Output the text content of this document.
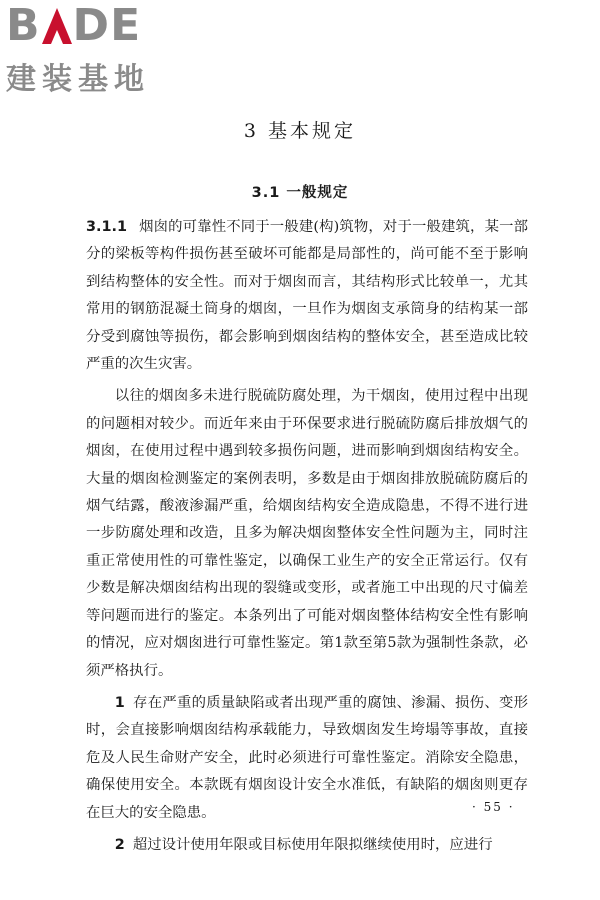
B DE
建装基地
3 基本规定
3.1 一般规定

3.1.1 烟囱的可靠性不同于一般建(构)筑物，对于一般建筑，某一部分的梁板等构件损伤甚至破坏可能都是局部性的，尚可能不至于影响到结构整体的安全性。而对于烟囱而言，其结构形式比较单一，尤其常用的钢筋混凝土筒身的烟囱，一旦作为烟囱支承筒身的结构某一部分受到腐蚀等损伤，都会影响到烟囱结构的整体安全，甚至造成比较严重的次生灾害。

以往的烟囱多未进行脱硫防腐处理，为干烟囱，使用过程中出现的问题相对较少。而近年来由于环保要求进行脱硫防腐后排放烟气的烟囱，在使用过程中遇到较多损伤问题，进而影响到烟囱结构安全。大量的烟囱检测鉴定的案例表明，多数是由于烟囱排放脱硫防腐后的烟气结露，酸液渗漏严重，给烟囱结构安全造成隐患，不得不进行进一步防腐处理和改造，且多为解决烟囱整体安全性问题为主，同时注重正常使用性的可靠性鉴定，以确保工业生产的安全正常运行。仅有少数是解决烟囱结构出现的裂缝或变形，或者施工中出现的尺寸偏差等问题而进行的鉴定。本条列出了可能对烟囱整体结构安全性有影响的情况，应对烟囱进行可靠性鉴定。第1款至第5款为强制性条款，必须严格执行。

1 存在严重的质量缺陷或者出现严重的腐蚀、渗漏、损伤、变形时，会直接影响烟囱结构承载能力，导致烟囱发生垮塌等事故，直接危及人民生命财产安全，此时必须进行可靠性鉴定。消除安全隐患，确保使用安全。本款既有烟囱设计安全水准低，有缺陷的烟囱则更存在巨大的安全隐患。

2 超过设计使用年限或目标使用年限拟继续使用时，应进行

· 55 ·
